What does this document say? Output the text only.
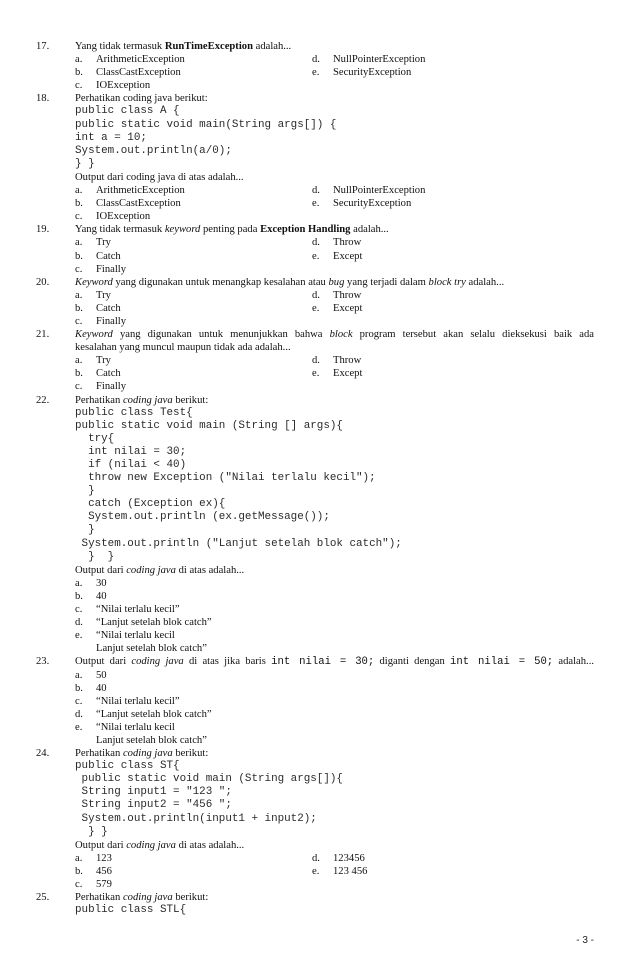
17. Yang tidak termasuk RunTimeException adalah...
a. ArithmeticException	d. NullPointerException
b. ClassCastException	e. SecurityException
c. IOException
18. Perhatikan coding java berikut:
public class A {
public static void main(String args[]) {
int a = 10;
System.out.println(a/0);
} }
Output dari coding java di atas adalah...
a. ArithmeticException	d. NullPointerException
b. ClassCastException	e. SecurityException
c. IOException
19. Yang tidak termasuk keyword penting pada Exception Handling adalah...
a. Try	d. Throw
b. Catch	e. Except
c. Finally
20. Keyword yang digunakan untuk menangkap kesalahan atau bug yang terjadi dalam block try adalah...
a. Try	d. Throw
b. Catch	e. Except
c. Finally
21. Keyword yang digunakan untuk menunjukkan bahwa block program tersebut akan selalu dieksekusi baik ada
kesalahan yang muncul maupun tidak ada adalah...
a. Try	d. Throw
b. Catch	e. Except
c. Finally
22. Perhatikan coding java berikut:
public class Test{
public static void main (String [] args){
try{
int nilai = 30;
if (nilai < 40)
throw new Exception ("Nilai terlalu kecil");
}
catch (Exception ex){
System.out.println (ex.getMessage());
}
System.out.println ("Lanjut setelah blok catch");
}  }
Output dari coding java di atas adalah...
a. 30
b. 40
c. “Nilai terlalu kecil”
d. “Lanjut setelah blok catch”
e. “Nilai terlalu kecil
Lanjut setelah blok catch”
23. Output dari coding java di atas jika baris int nilai = 30; diganti dengan int nilai = 50; adalah...
a. 50
b. 40
c. “Nilai terlalu kecil”
d. “Lanjut setelah blok catch”
e. “Nilai terlalu kecil
Lanjut setelah blok catch”
24. Perhatikan coding java berikut:
public class ST{
public static void main (String args[]){
String input1 = "123 ";
String input2 = "456 ";
System.out.println(input1 + input2);
} }
Output dari coding java di atas adalah...
a. 123	d. 123456
b. 456	e. 123 456
c. 579
25. Perhatikan coding java berikut:
public class STL{
- 3 -
